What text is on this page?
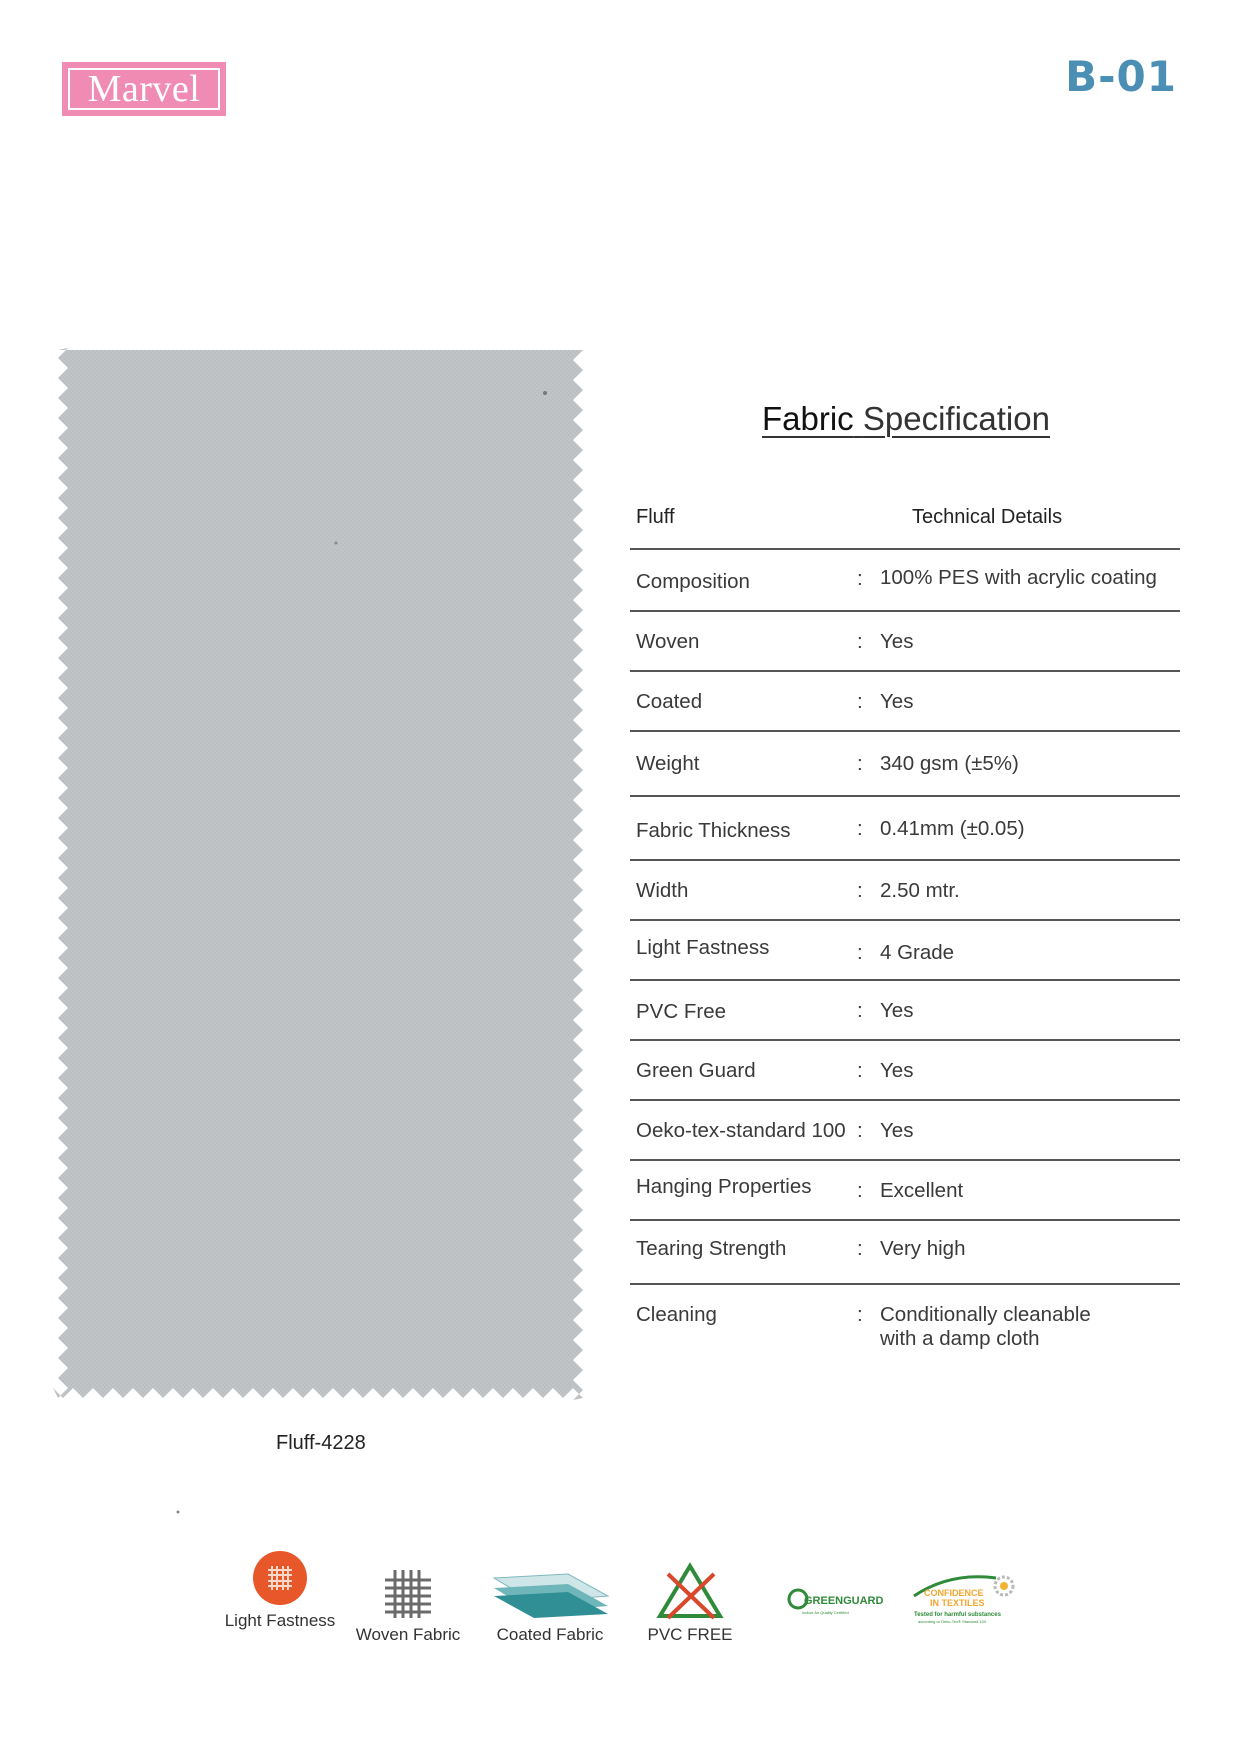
Marvel	B-01
Fluff-4228
Fabric Specification
Fluff	Technical Details
Composition	: 100% PES with acrylic coating
Woven	: Yes
Coated	: Yes
Weight	: 340 gsm (±5%)
Fabric Thickness	: 0.41mm (±0.05)
Width	: 2.50 mtr.
Light Fastness	: 4 Grade
PVC Free	: Yes
Green Guard	: Yes
Oeko-tex-standard 100 : Yes
Hanging Properties : Excellent
Tearing Strength	: Very high
Cleaning	: Conditionally cleanable
with a damp cloth
Light Fastness
Woven Fabric	Coated Fabric	PVC FREE
GREENGUARD
Indoor Air Quality Certified
CONFIDENCE
IN TEXTILES
Tested for harmful substances
according to Oeko-Tex® Standard 100
